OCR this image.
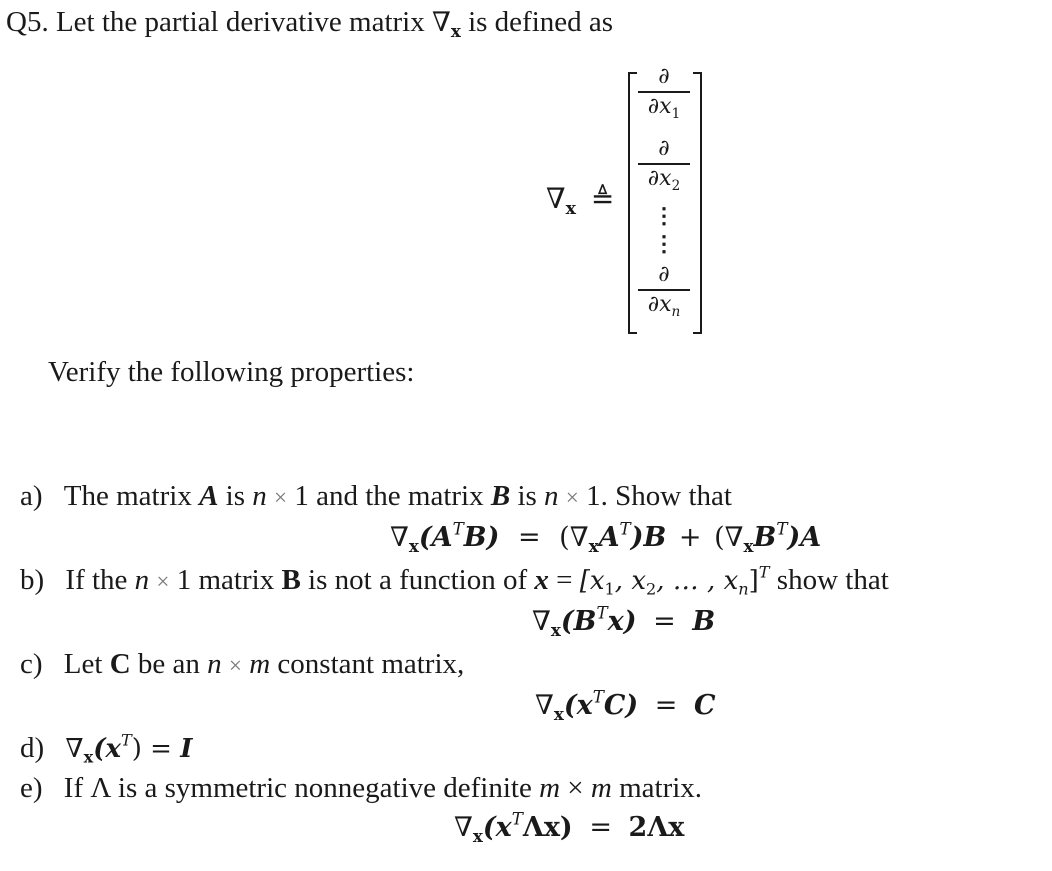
Q5. Let the partial derivative matrix $\nabla_x$ is defined as
$\nabla_x$ ≜
∂
$\partial x_1$
∂
$\partial x_2$
⋮
⋮
∂
$\partial x_n$
Verify the following properties:
a) The matrix A is n × 1 and the matrix B is n × 1. Show that
$\nabla_x(A^TB) = (\nabla_xA^T)B + (\nabla_xB^T)A$
b) If the n × 1 matrix B is not a function of $x = [x_1$, $x_2$, … , $x_n]^T$ show that
$\nabla_x(B^Tx) = B$
c) Let C be an n × m constant matrix,
$\nabla_x(x^TC) = C$
d) $\nabla_x(x^T) = I$
e) If Λ is a symmetric nonnegative definite m × m matrix.
$\nabla_x(x^T\Lambda x) = 2\Lambda x$
